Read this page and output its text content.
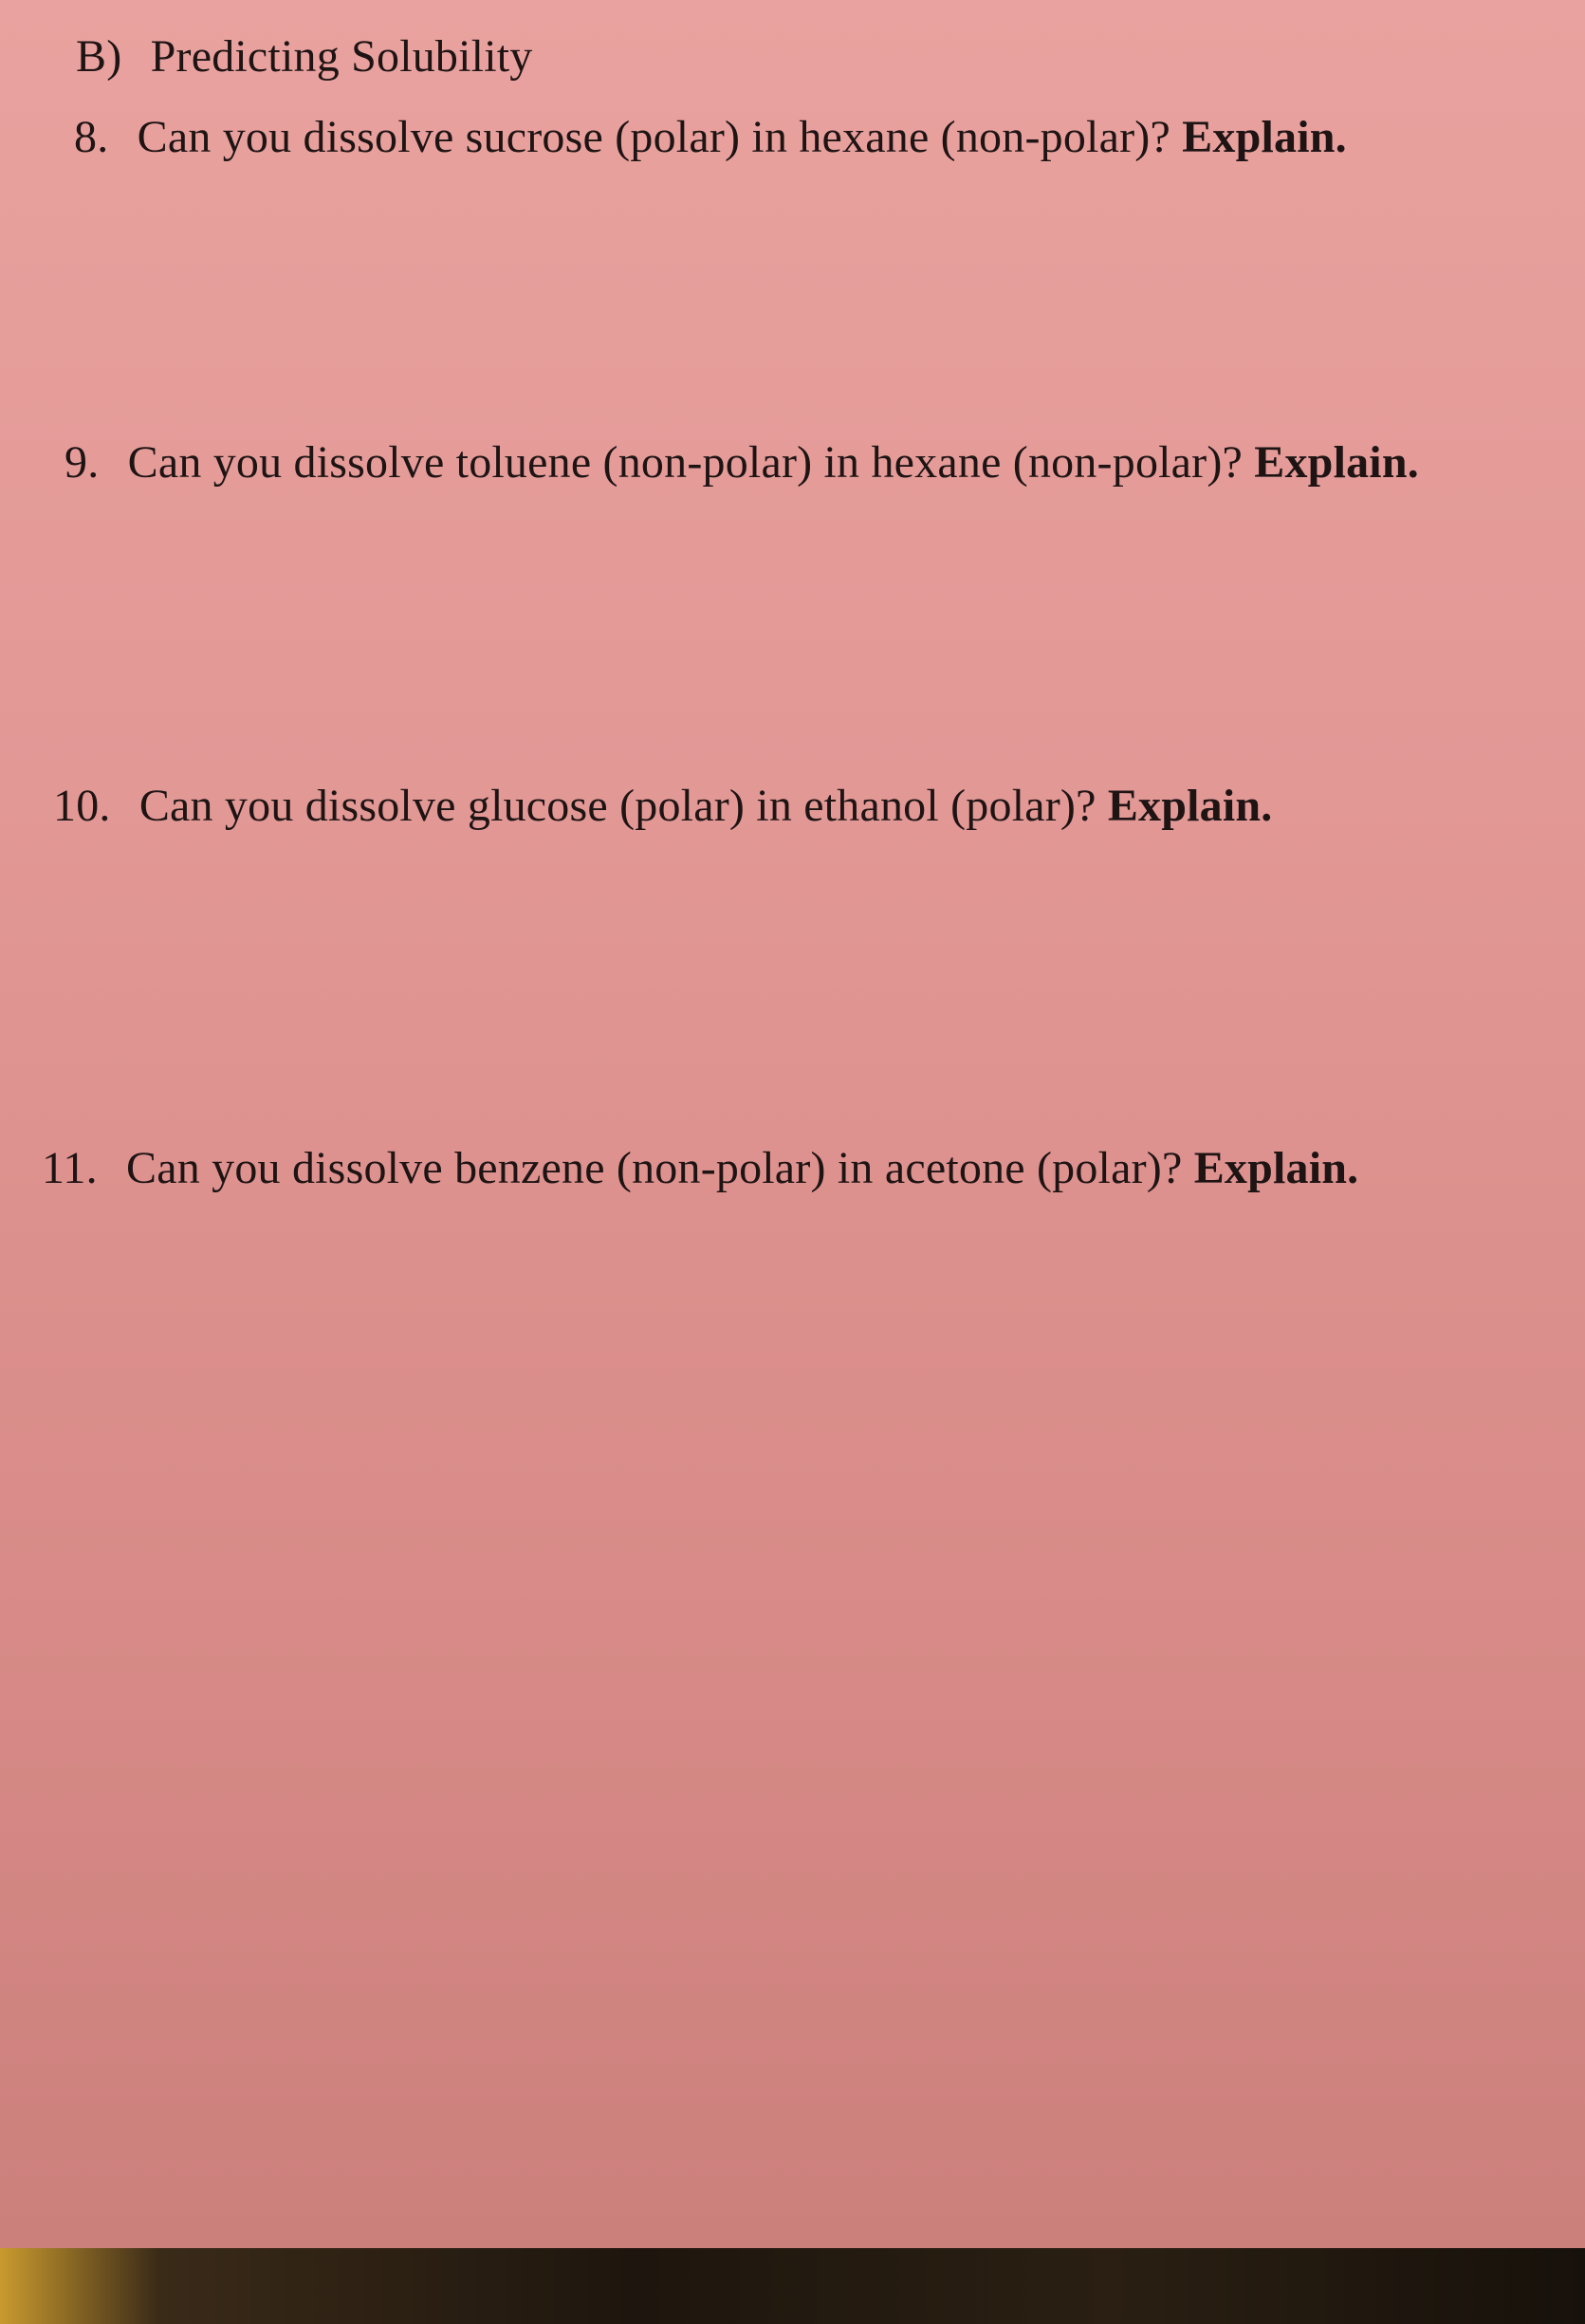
B) Predicting Solubility
8. Can you dissolve sucrose (polar) in hexane (non-polar)? Explain.
9. Can you dissolve toluene (non-polar) in hexane (non-polar)? Explain.
10. Can you dissolve glucose (polar) in ethanol (polar)? Explain.
11. Can you dissolve benzene (non-polar) in acetone (polar)? Explain.
